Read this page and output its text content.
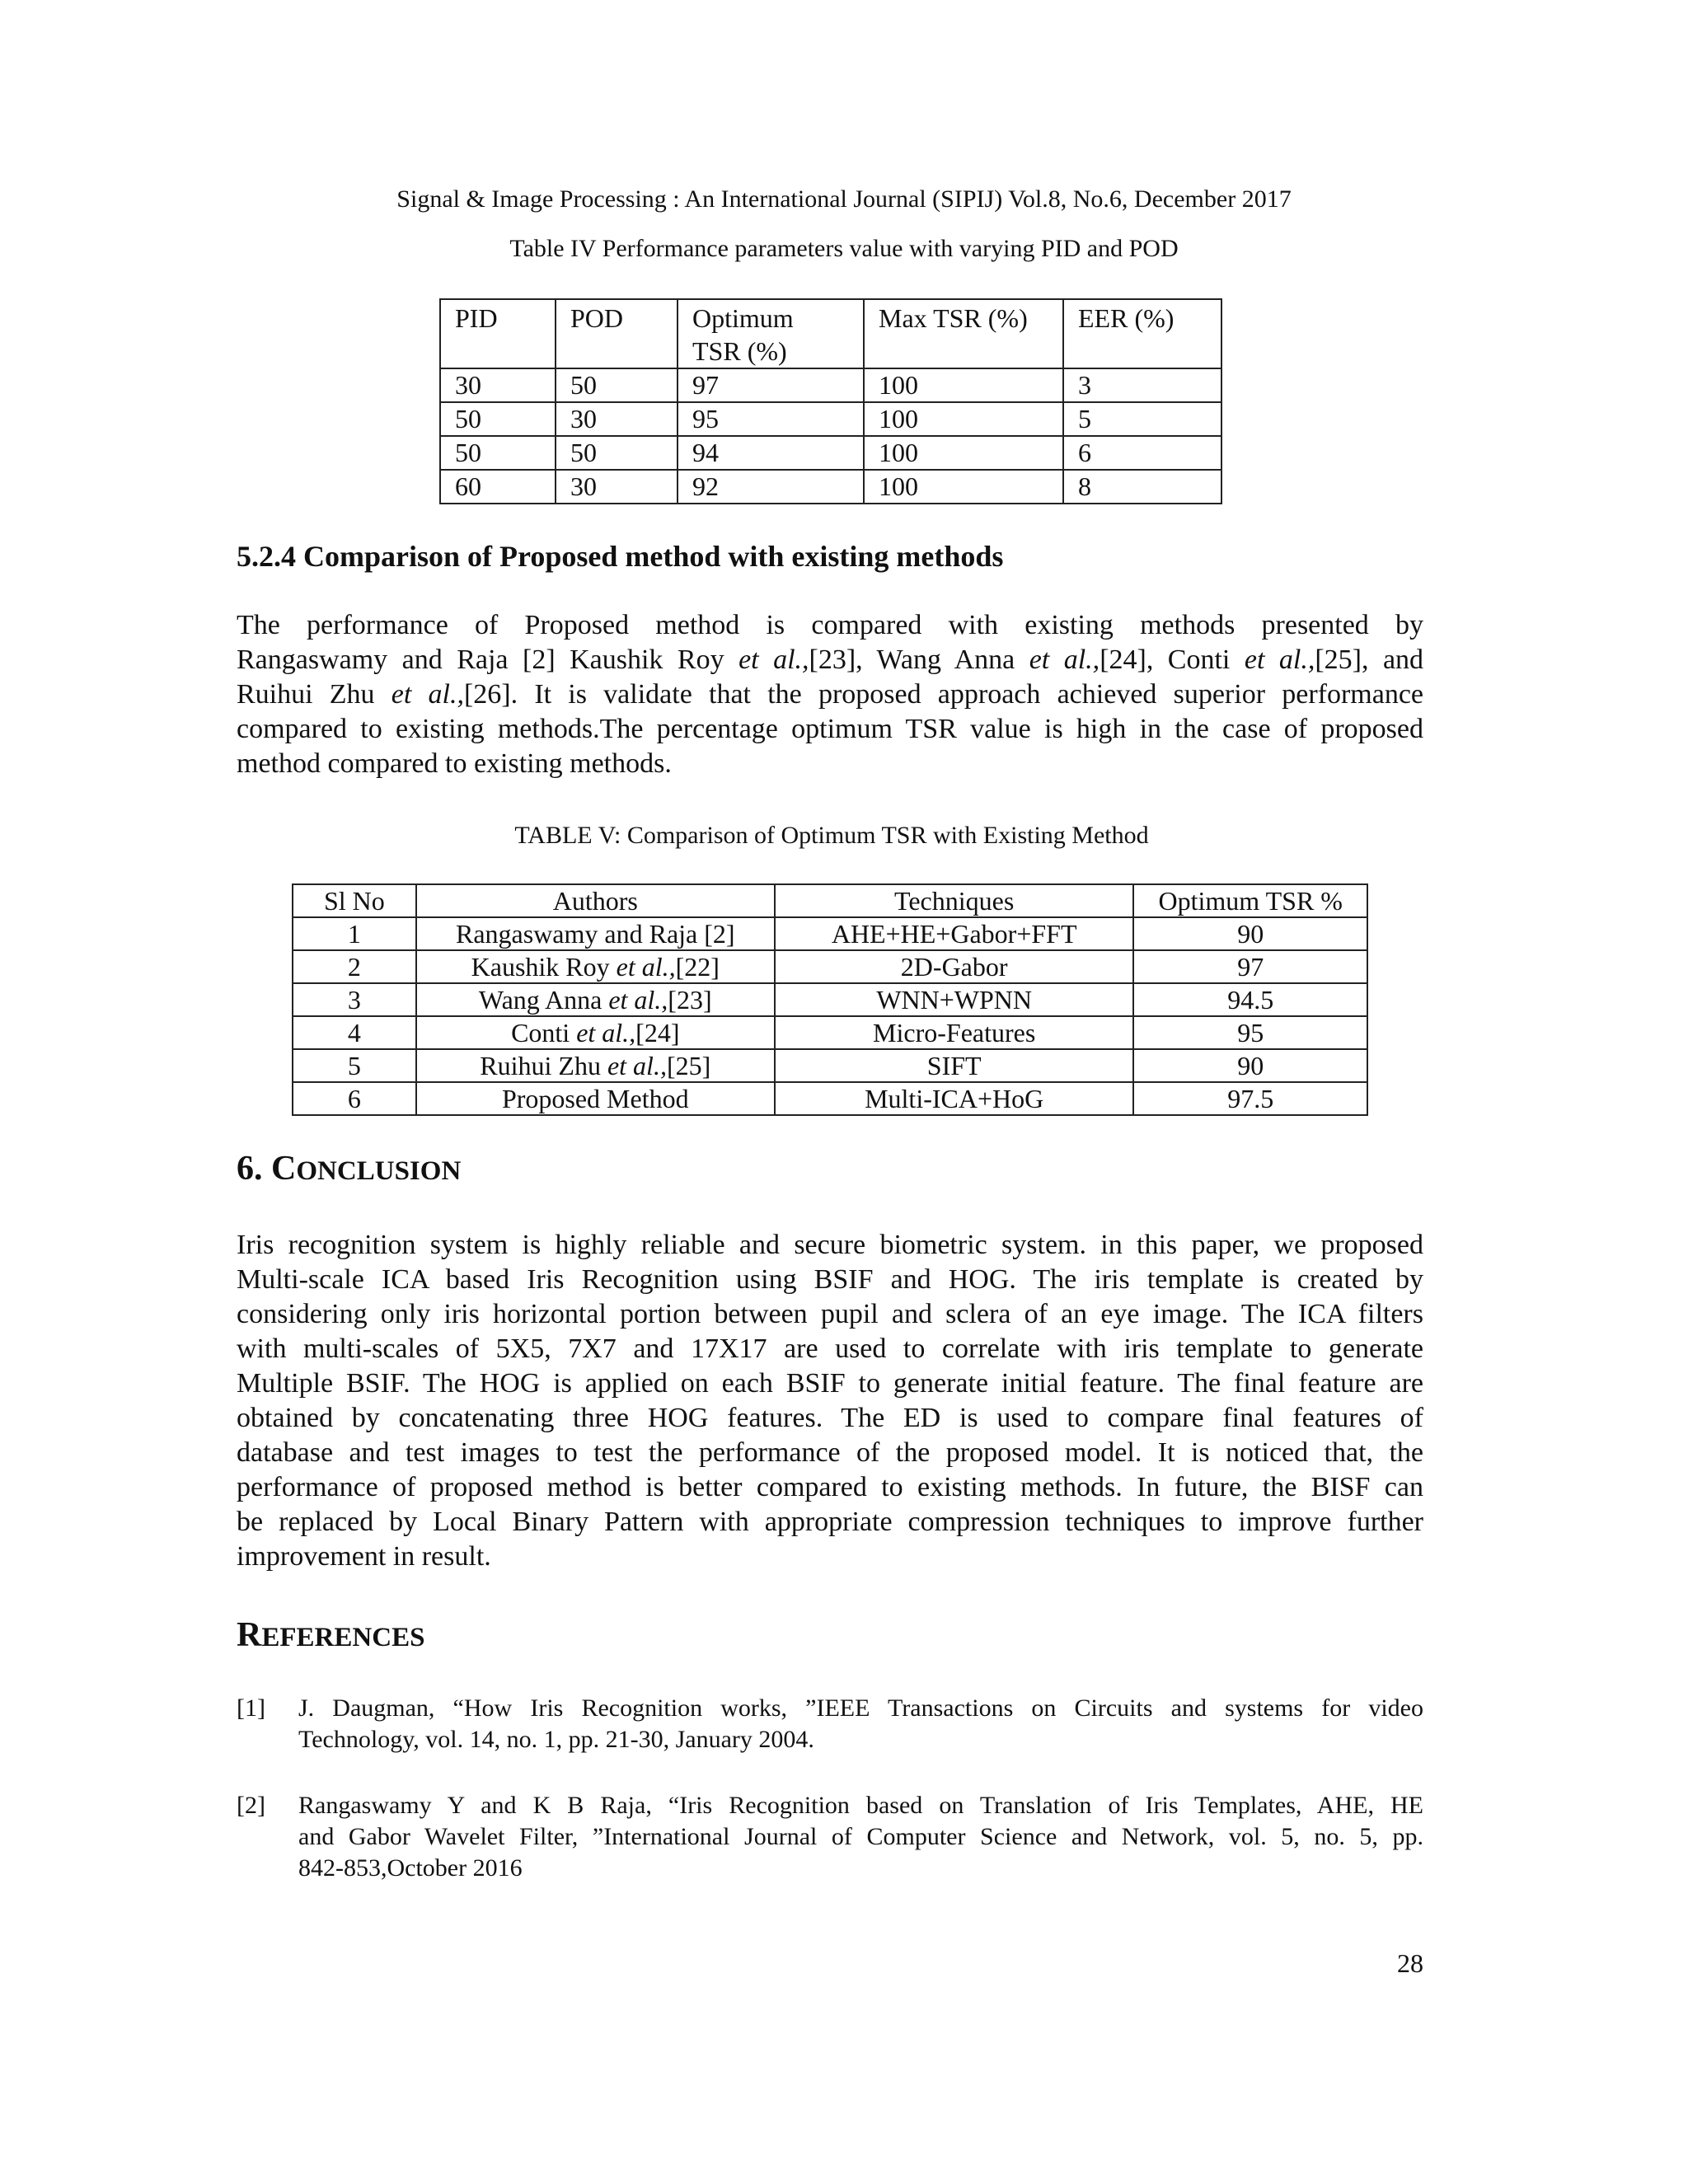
Signal & Image Processing : An International Journal (SIPIJ) Vol.8, No.6, December 2017
Table IV Performance parameters value with varying PID and POD
PID	POD	Optimum TSR (%)	Max TSR (%)	EER (%)
30	50	97	100	3
50	30	95	100	5
50	50	94	100	6
60	30	92	100	8
5.2.4 Comparison of Proposed method with existing methods
The performance of Proposed method is compared with existing methods presented by
Rangaswamy and Raja [2] Kaushik Roy et al.,[23], Wang Anna et al.,[24], Conti et al.,[25], and
Ruihui Zhu et al.,[26]. It is validate that the proposed approach achieved superior performance
compared to existing methods.The percentage optimum TSR value is high in the case of proposed
method compared to existing methods.
TABLE V: Comparison of Optimum TSR with Existing Method
Sl No	Authors	Techniques	Optimum TSR %
1	Rangaswamy and Raja [2]	AHE+HE+Gabor+FFT	90
2	Kaushik Roy et al.,[22]	2D-Gabor	97
3	Wang Anna et al.,[23]	WNN+WPNN	94.5
4	Conti et al.,[24]	Micro-Features	95
5	Ruihui Zhu et al.,[25]	SIFT	90
6	Proposed Method	Multi-ICA+HoG	97.5
6. CONCLUSION
Iris recognition system is highly reliable and secure biometric system. in this paper, we proposed
Multi-scale ICA based Iris Recognition using BSIF and HOG. The iris template is created by
considering only iris horizontal portion between pupil and sclera of an eye image. The ICA filters
with multi-scales of 5X5, 7X7 and 17X17 are used to correlate with iris template to generate
Multiple BSIF. The HOG is applied on each BSIF to generate initial feature. The final feature are
obtained by concatenating three HOG features. The ED is used to compare final features of
database and test images to test the performance of the proposed model. It is noticed that, the
performance of proposed method is better compared to existing methods. In future, the BISF can
be replaced by Local Binary Pattern with appropriate compression techniques to improve further
improvement in result.
REFERENCES
[1] J. Daugman, “How Iris Recognition works, ”IEEE Transactions on Circuits and systems for video
Technology, vol. 14, no. 1, pp. 21-30, January 2004.
[2] Rangaswamy Y and K B Raja, “Iris Recognition based on Translation of Iris Templates, AHE, HE
and Gabor Wavelet Filter, ”International Journal of Computer Science and Network, vol. 5, no. 5, pp.
842-853,October 2016
28
